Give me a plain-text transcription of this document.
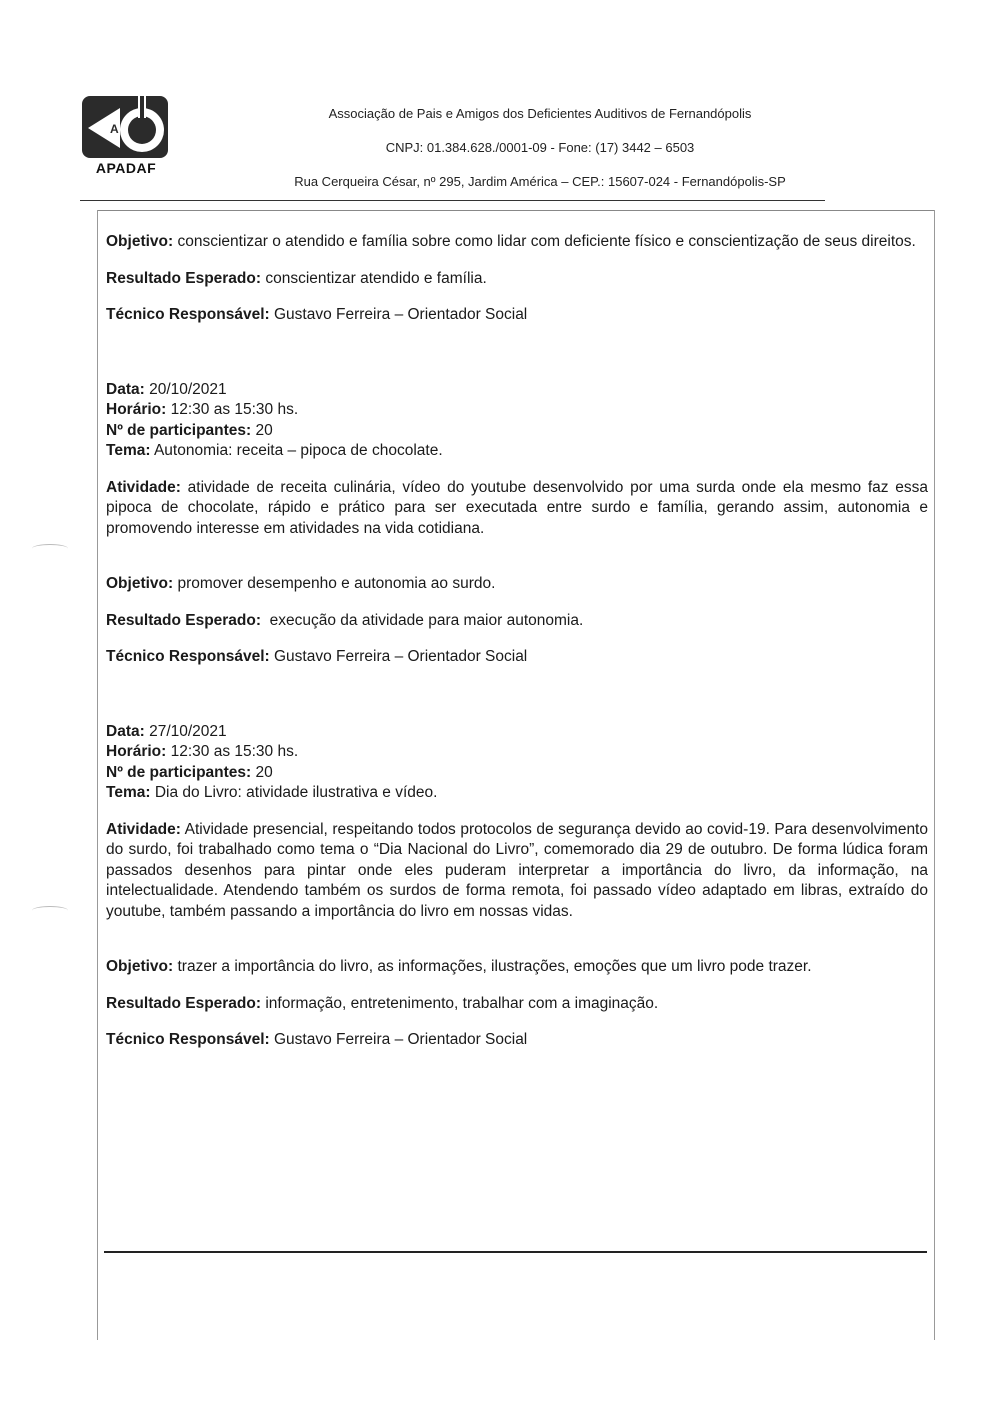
A
APADAF
Associação de Pais e Amigos dos Deficientes Auditivos de Fernandópolis
CNPJ: 01.384.628./0001-09 - Fone: (17) 3442 – 6503
Rua Cerqueira César, nº 295, Jardim América – CEP.: 15607-024 - Fernandópolis-SP

Objetivo: conscientizar o atendido e família sobre como lidar com deficiente físico e conscientização de seus direitos.

Resultado Esperado: conscientizar atendido e família.

Técnico Responsável: Gustavo Ferreira – Orientador Social

Data: 20/10/2021

Horário: 12:30 as 15:30 hs.

Nº de participantes: 20

Tema: Autonomia: receita – pipoca de chocolate.

Atividade: atividade de receita culinária, vídeo do youtube desenvolvido por uma surda onde ela mesmo faz essa pipoca de chocolate, rápido e prático para ser executada entre surdo e família, gerando assim, autonomia e promovendo interesse em atividades na vida cotidiana.

Objetivo: promover desempenho e autonomia ao surdo.

Resultado Esperado:  execução da atividade para maior autonomia.

Técnico Responsável: Gustavo Ferreira – Orientador Social

Data: 27/10/2021

Horário: 12:30 as 15:30 hs.

Nº de participantes: 20

Tema: Dia do Livro: atividade ilustrativa e vídeo.

Atividade: Atividade presencial, respeitando todos protocolos de segurança devido ao covid-19. Para desenvolvimento do surdo, foi trabalhado como tema o “Dia Nacional do Livro”, comemorado dia 29 de outubro. De forma lúdica foram passados desenhos para pintar onde eles puderam interpretar a importância do livro, da informação, na intelectualidade. Atendendo também os surdos de forma remota, foi passado vídeo adaptado em libras, extraído do youtube, também passando a importância do livro em nossas vidas.

Objetivo: trazer a importância do livro, as informações, ilustrações, emoções que um livro pode trazer.

Resultado Esperado: informação, entretenimento, trabalhar com a imaginação.

Técnico Responsável: Gustavo Ferreira – Orientador Social
